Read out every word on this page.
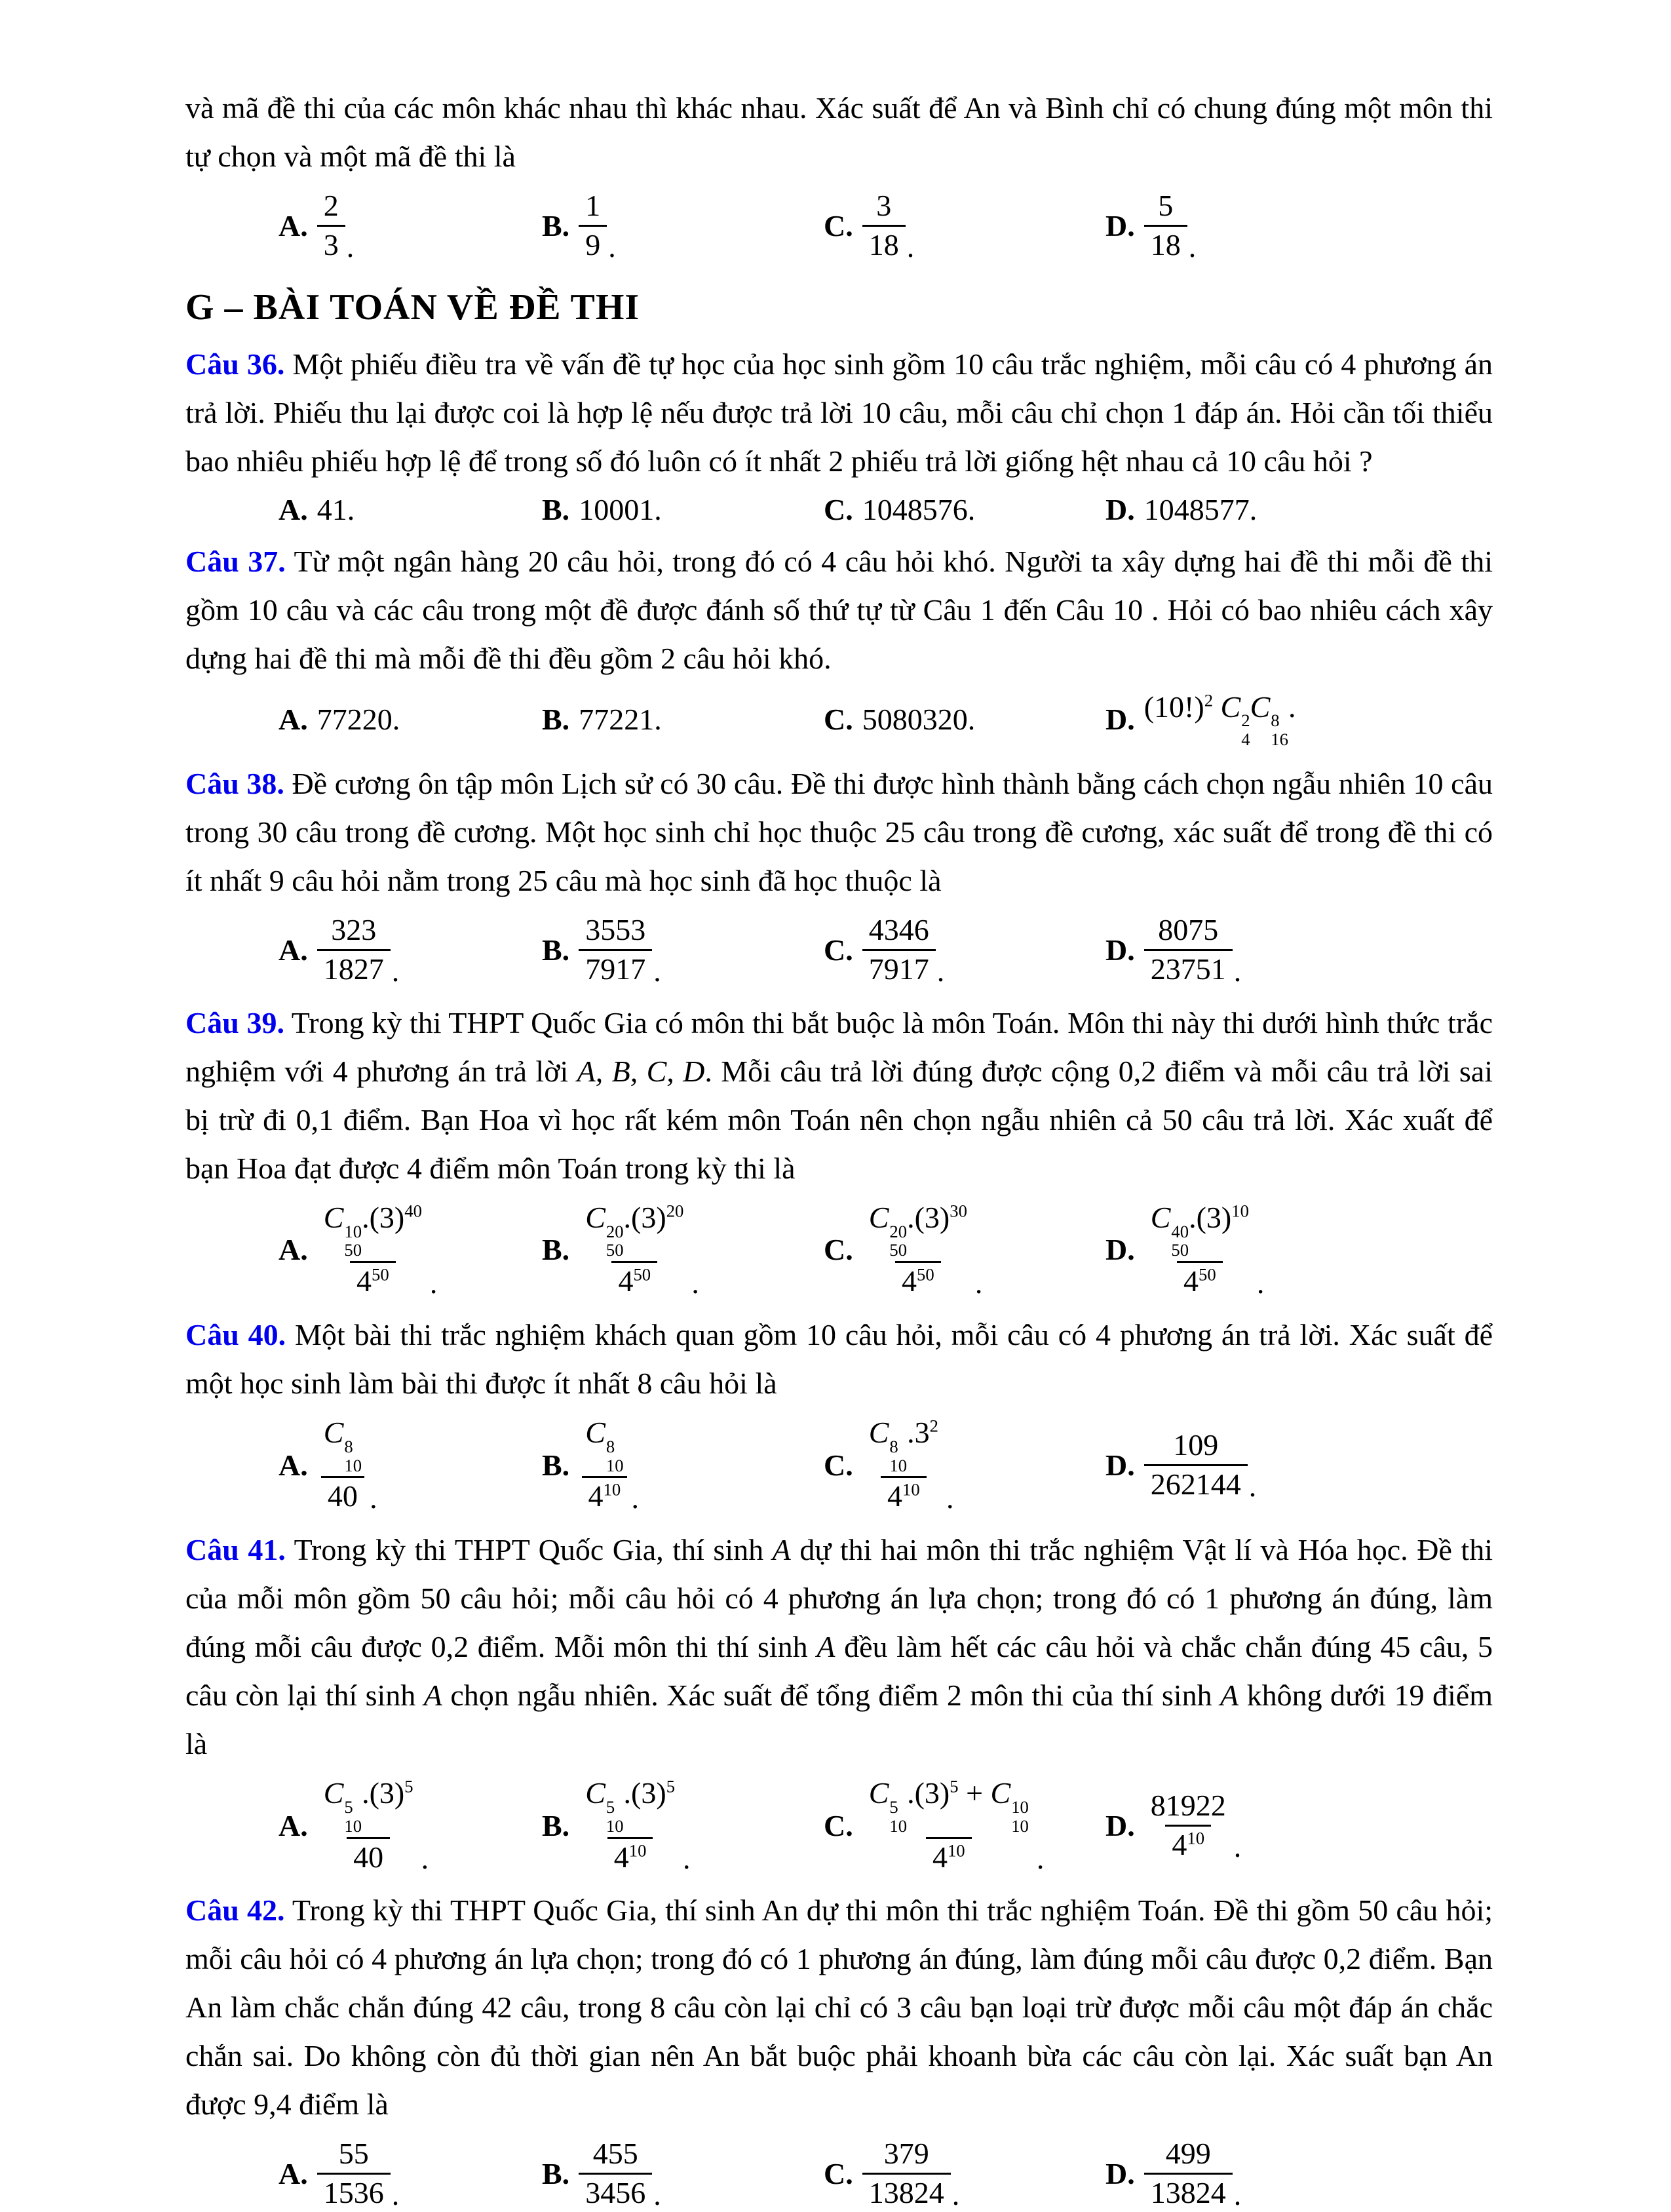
và mã đề thi của các môn khác nhau thì khác nhau. Xác suất để An và Bình chỉ có chung đúng một môn thi tự chọn và một mã đề thi là

A. $\frac{2}{3}$ .
B. $\frac{1}{9}$ .
C. $\frac{3}{18}$ .
D. $\frac{5}{18}$ .
G – BÀI TOÁN VỀ ĐỀ THI

Câu 36. Một phiếu điều tra về vấn đề tự học của học sinh gồm 10 câu trắc nghiệm, mỗi câu có 4 phương án trả lời. Phiếu thu lại được coi là hợp lệ nếu được trả lời 10 câu, mỗi câu chỉ chọn 1 đáp án. Hỏi cần tối thiểu bao nhiêu phiếu hợp lệ để trong số đó luôn có ít nhất 2 phiếu trả lời giống hệt nhau cả 10 câu hỏi ?

A. 41.	B. 10001.	C. 1048576.	D. 1048577.

Câu 37. Từ một ngân hàng 20 câu hỏi, trong đó có 4 câu hỏi khó. Người ta xây dựng hai đề thi mỗi đề thi gồm 10 câu và các câu trong một đề được đánh số thứ tự từ Câu 1 đến Câu 10 . Hỏi có bao nhiêu cách xây dựng hai đề thi mà mỗi đề thi đều gồm 2 câu hỏi khó.

A. 77220.	B. 77221.	C. 5080320.	D. $(10!)^2$ C 2
4
C 8
16
.

Câu 38. Đề cương ôn tập môn Lịch sử có 30 câu. Đề thi được hình thành bằng cách chọn ngẫu nhiên 10 câu trong 30 câu trong đề cương. Một học sinh chỉ học thuộc 25 câu trong đề cương, xác suất để trong đề thi có ít nhất 9 câu hỏi nằm trong 25 câu mà học sinh đã học thuộc là

A. $\frac{323}{1827}$ .
B. $\frac{3553}{7917}$ .
C. $\frac{4346}{7917}$ .
D. $\frac{8075}{23751}$ .

Câu 39. Trong kỳ thi THPT Quốc Gia có môn thi bắt buộc là môn Toán. Môn thi này thi dưới hình thức trắc nghiệm với 4 phương án trả lời A, B, C, D. Mỗi câu trả lời đúng được cộng 0,2 điểm và mỗi câu trả lời sai bị trừ đi 0,1 điểm. Bạn Hoa vì học rất kém môn Toán nên chọn ngẫu nhiên cả 50 câu trả lời. Xác xuất để bạn Hoa đạt được 4 điểm môn Toán trong kỳ thi là

A. C 10
50
$.(3)^{40}$
$4^{50}$ .
B. C 20
50
$.(3)^{20}$
$4^{50}$ .
C. C 20
50
$.(3)^{30}$
$4^{50}$ .
D. C 40
50
$.(3)^{10}$
$4^{50}$ .

Câu 40. Một bài thi trắc nghiệm khách quan gồm 10 câu hỏi, mỗi câu có 4 phương án trả lời. Xác suất để một học sinh làm bài thi được ít nhất 8 câu hỏi là

A. C 8
10
40 .
B. C 8
10
$4^{10}$ .
C. C 8
10
$.3^2$
$4^{10}$ .
D. $\frac{109}{262144}$ .

Câu 41. Trong kỳ thi THPT Quốc Gia, thí sinh A dự thi hai môn thi trắc nghiệm Vật lí và Hóa học. Đề thi của mỗi môn gồm 50 câu hỏi; mỗi câu hỏi có 4 phương án lựa chọn; trong đó có 1 phương án đúng, làm đúng mỗi câu được 0,2 điểm. Mỗi môn thi thí sinh A đều làm hết các câu hỏi và chắc chắn đúng 45 câu, 5 câu còn lại thí sinh A chọn ngẫu nhiên. Xác suất để tổng điểm 2 môn thi của thí sinh A không dưới 19 điểm là

A. C 5
10
$.(3)^5$
40 .
B. C 5
10
$.(3)^5$
$4^{10}$ .
C. C 5
10
$.(3)^5 + C$ 10
10
$4^{10}$ .
D. $\frac{81922}{4^{10}}$ .

Câu 42. Trong kỳ thi THPT Quốc Gia, thí sinh An dự thi môn thi trắc nghiệm Toán. Đề thi gồm 50 câu hỏi; mỗi câu hỏi có 4 phương án lựa chọn; trong đó có 1 phương án đúng, làm đúng mỗi câu được 0,2 điểm. Bạn An làm chắc chắn đúng 42 câu, trong 8 câu còn lại chỉ có 3 câu bạn loại trừ được mỗi câu một đáp án chắc chắn sai. Do không còn đủ thời gian nên An bắt buộc phải khoanh bừa các câu còn lại. Xác suất bạn An được 9,4 điểm là

A. $\frac{55}{1536}$ .
B. $\frac{455}{3456}$ .
C. $\frac{379}{13824}$ .
D. $\frac{499}{13824}$ .
